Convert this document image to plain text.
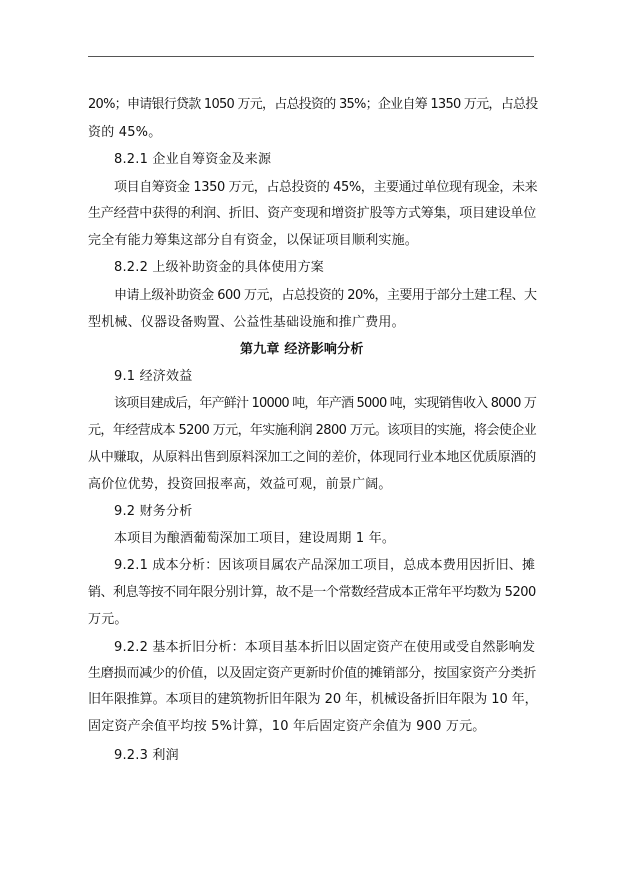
20%；申请银行贷款 1050 万元，占总投资的 35%；企业自筹 1350 万元，占总投
资的 45%。
8.2.1 企业自筹资金及来源
项目自筹资金 1350 万元，占总投资的 45%，主要通过单位现有现金，未来
生产经营中获得的利润、折旧、资产变现和增资扩股等方式筹集，项目建设单位
完全有能力筹集这部分自有资金，以保证项目顺利实施。
8.2.2 上级补助资金的具体使用方案
申请上级补助资金 600 万元，占总投资的 20%，主要用于部分土建工程、大
型机械、仪器设备购置、公益性基础设施和推广费用。
第九章 经济影响分析
9.1 经济效益
该项目建成后，年产鲜汁 10000 吨，年产酒 5000 吨，实现销售收入 8000 万
元，年经营成本 5200 万元，年实施利润 2800 万元。该项目的实施，将会使企业
从中赚取，从原料出售到原料深加工之间的差价，体现同行业本地区优质原酒的
高价位优势，投资回报率高，效益可观，前景广阔。
9.2 财务分析
本项目为酿酒葡萄深加工项目，建设周期 1 年。
9.2.1 成本分析：因该项目属农产品深加工项目，总成本费用因折旧、摊
销、利息等按不同年限分别计算，故不是一个常数经营成本正常年平均数为 5200
万元。
9.2.2 基本折旧分析：本项目基本折旧以固定资产在使用或受自然影响发
生磨损而减少的价值，以及固定资产更新时价值的摊销部分，按国家资产分类折
旧年限推算。本项目的建筑物折旧年限为 20 年，机械设备折旧年限为 10 年，
固定资产余值平均按 5%计算，10 年后固定资产余值为 900 万元。
9.2.3 利润
